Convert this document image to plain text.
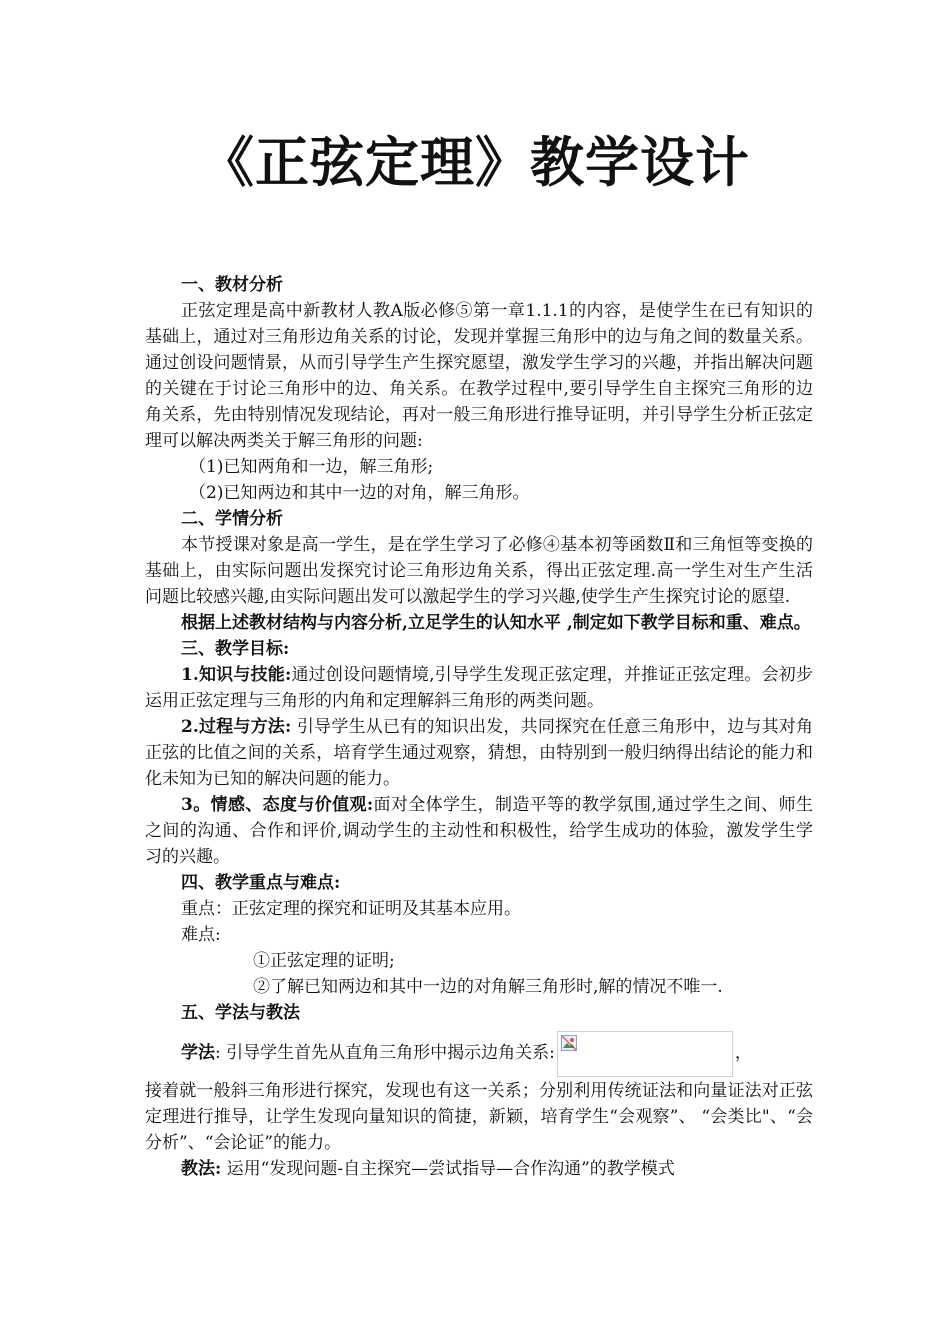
《正弦定理》教学设计

一、教材分析

正弦定理是高中新教材人教A版必修⑤第一章1.1.1的内容，是使学生在已有知识的基础上，通过对三角形边角关系的讨论，发现并掌握三角形中的边与角之间的数量关系。通过创设问题情景，从而引导学生产生探究愿望，激发学生学习的兴趣，并指出解决问题的关键在于讨论三角形中的边、角关系。在教学过程中,要引导学生自主探究三角形的边角关系，先由特别情况发现结论，再对一般三角形进行推导证明，并引导学生分析正弦定理可以解决两类关于解三角形的问题:

（1)已知两角和一边，解三角形;

（2)已知两边和其中一边的对角，解三角形。

二、学情分析

本节授课对象是高一学生，是在学生学习了必修④基本初等函数Ⅱ和三角恒等变换的基础上，由实际问题出发探究讨论三角形边角关系，得出正弦定理.高一学生对生产生活问题比较感兴趣,由实际问题出发可以激起学生的学习兴趣,使学生产生探究讨论的愿望.

根据上述教材结构与内容分析,立足学生的认知水平 ,制定如下教学目标和重、难点。

三、教学目标:

1.知识与技能:通过创设问题情境,引导学生发现正弦定理，并推证正弦定理。会初步运用正弦定理与三角形的内角和定理解斜三角形的两类问题。

2.过程与方法: 引导学生从已有的知识出发，共同探究在任意三角形中，边与其对角正弦的比值之间的关系，培育学生通过观察，猜想，由特别到一般归纳得出结论的能力和化未知为已知的解决问题的能力。

3。情感、态度与价值观:面对全体学生，制造平等的教学氛围,通过学生之间、师生之间的沟通、合作和评价,调动学生的主动性和积极性，给学生成功的体验，激发学生学习的兴趣。

四、教学重点与难点:

重点：正弦定理的探究和证明及其基本应用。

难点:

①正弦定理的证明;

②了解已知两边和其中一边的对角解三角形时,解的情况不唯一.

五、学法与教法

学法: 引导学生首先从直角三角形中揭示边角关系:	，

接着就一般斜三角形进行探究，发现也有这一关系；分别利用传统证法和向量证法对正弦定理进行推导，让学生发现向量知识的简捷，新颖，培育学生“会观察”、 “会类比"、“会分析”、“会论证”的能力。

教法: 运用“发现问题-自主探究—尝试指导—合作沟通”的教学模式
